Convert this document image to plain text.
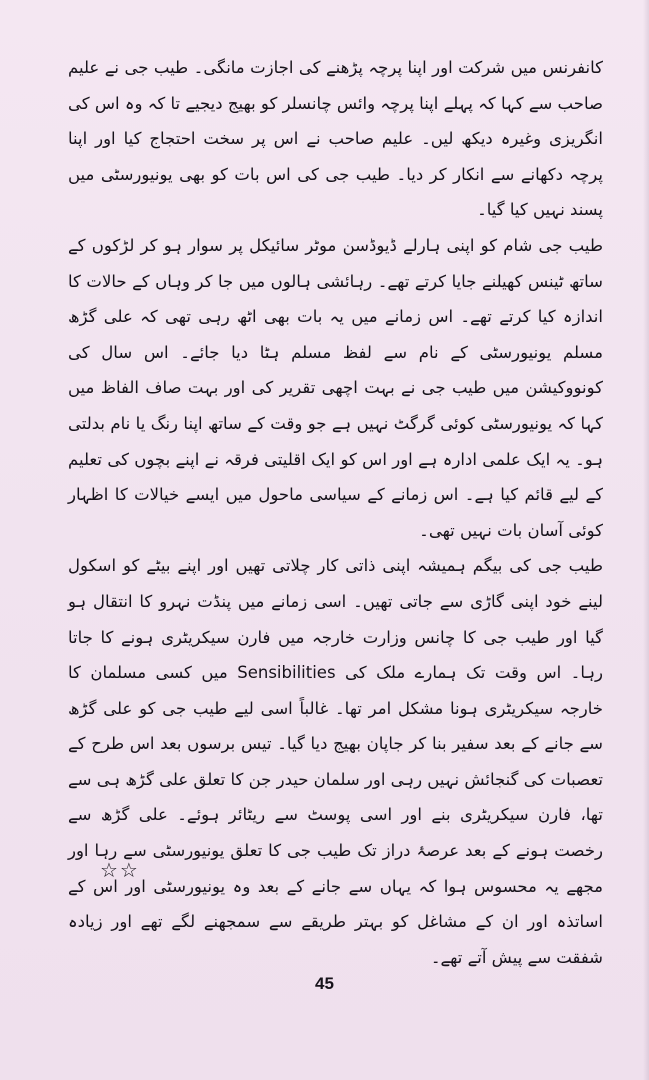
کانفرنس میں شرکت اور اپنا پرچہ پڑھنے کی اجازت مانگی۔ طیب جی نے علیم صاحب سے کہا کہ پہلے اپنا پرچہ وائس چانسلر کو بھیج دیجیے تا کہ وہ اس کی انگریزی وغیرہ دیکھ لیں۔ علیم صاحب نے اس پر سخت احتجاج کیا اور اپنا پرچہ دکھانے سے انکار کر دیا۔ طیب جی کی اس بات کو بھی یونیورسٹی میں پسند نہیں کیا گیا۔

طیب جی شام کو اپنی ہارلے ڈیوڈسن موٹر سائیکل پر سوار ہو کر لڑکوں کے ساتھ ٹینس کھیلنے جایا کرتے تھے۔ رہائشی ہالوں میں جا کر وہاں کے حالات کا اندازہ کیا کرتے تھے۔ اس زمانے میں یہ بات بھی اٹھ رہی تھی کہ علی گڑھ مسلم یونیورسٹی کے نام سے لفظ مسلم ہٹا دیا جائے۔ اس سال کی کونووکیشن میں طیب جی نے بہت اچھی تقریر کی اور بہت صاف الفاظ میں کہا کہ یونیورسٹی کوئی گرگٹ نہیں ہے جو وقت کے ساتھ اپنا رنگ یا نام بدلتی ہو۔ یہ ایک علمی ادارہ ہے اور اس کو ایک اقلیتی فرقہ نے اپنے بچوں کی تعلیم کے لیے قائم کیا ہے۔ اس زمانے کے سیاسی ماحول میں ایسے خیالات کا اظہار کوئی آسان بات نہیں تھی۔

طیب جی کی بیگم ہمیشہ اپنی ذاتی کار چلاتی تھیں اور اپنے بیٹے کو اسکول لینے خود اپنی گاڑی سے جاتی تھیں۔ اسی زمانے میں پنڈت نہرو کا انتقال ہو گیا اور طیب جی کا چانس وزارت خارجہ میں فارن سیکریٹری ہونے کا جاتا رہا۔ اس وقت تک ہمارے ملک کی Sensibilities میں کسی مسلمان کا خارجہ سیکریٹری ہونا مشکل امر تھا۔ غالباً اسی لیے طیب جی کو علی گڑھ سے جانے کے بعد سفیر بنا کر جاپان بھیج دیا گیا۔ تیس برسوں بعد اس طرح کے تعصبات کی گنجائش نہیں رہی اور سلمان حیدر جن کا تعلق علی گڑھ ہی سے تھا، فارن سیکریٹری بنے اور اسی پوسٹ سے ریٹائر ہوئے۔ علی گڑھ سے رخصت ہونے کے بعد عرصۂ دراز تک طیب جی کا تعلق یونیورسٹی سے رہا اور مجھے یہ محسوس ہوا کہ یہاں سے جانے کے بعد وہ یونیورسٹی اور اس کے اساتذہ اور ان کے مشاغل کو بہتر طریقے سے سمجھنے لگے تھے اور زیادہ شفقت سے پیش آتے تھے۔

☆☆
45
